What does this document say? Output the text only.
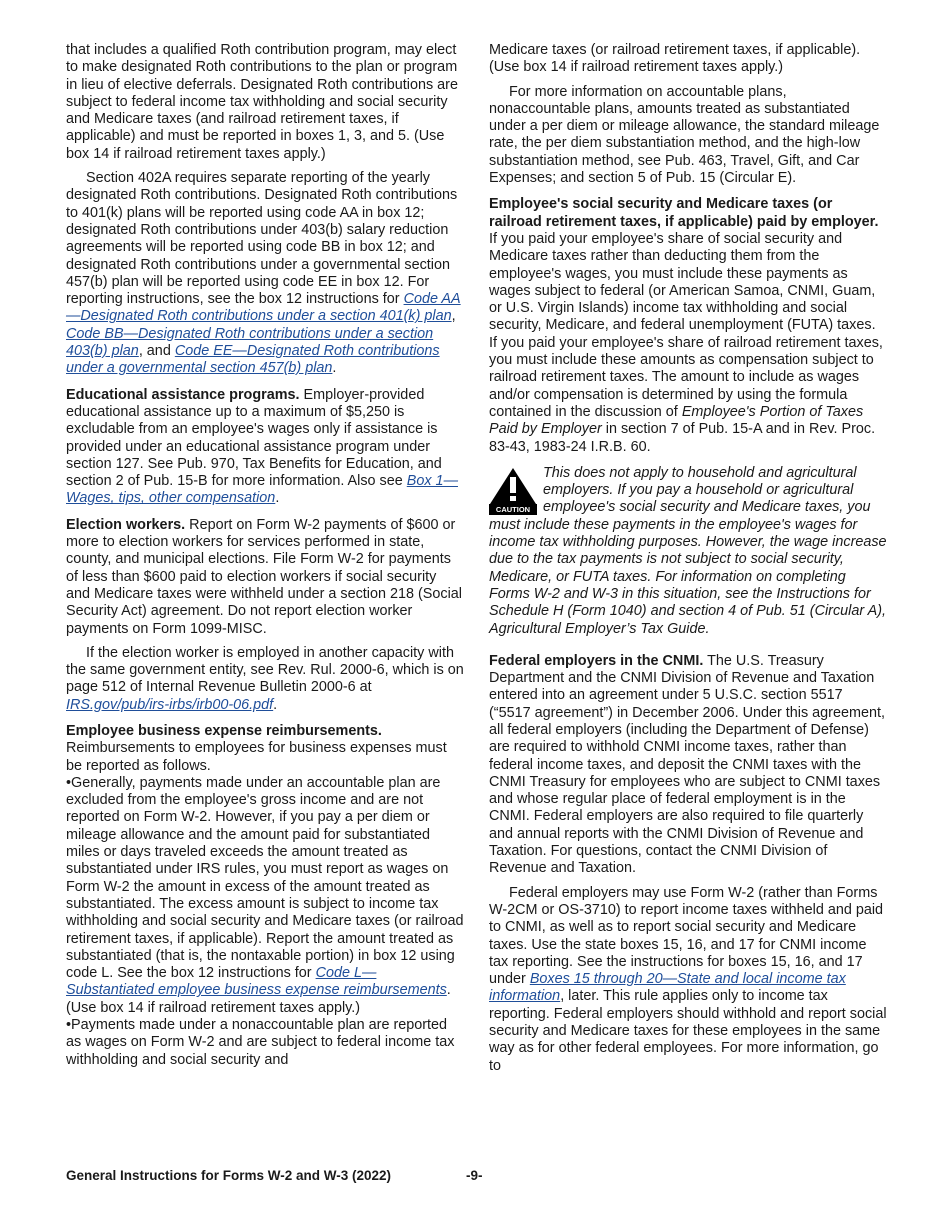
that includes a qualified Roth contribution program, may elect to make designated Roth contributions to the plan or program in lieu of elective deferrals. Designated Roth contributions are subject to federal income tax withholding and social security and Medicare taxes (and railroad retirement taxes, if applicable) and must be reported in boxes 1, 3, and 5. (Use box 14 if railroad retirement taxes apply.)

Section 402A requires separate reporting of the yearly designated Roth contributions. Designated Roth contributions to 401(k) plans will be reported using code AA in box 12; designated Roth contributions under 403(b) salary reduction agreements will be reported using code BB in box 12; and designated Roth contributions under a governmental section 457(b) plan will be reported using code EE in box 12. For reporting instructions, see the box 12 instructions for Code AA—Designated Roth contributions under a section 401(k) plan, Code BB—Designated Roth contributions under a section 403(b) plan, and Code EE—Designated Roth contributions under a governmental section 457(b) plan.

Educational assistance programs. Employer-provided educational assistance up to a maximum of $5,250 is excludable from an employee's wages only if assistance is provided under an educational assistance program under section 127. See Pub. 970, Tax Benefits for Education, and section 2 of Pub. 15-B for more information. Also see Box 1—Wages, tips, other compensation.

Election workers. Report on Form W-2 payments of $600 or more to election workers for services performed in state, county, and municipal elections. File Form W-2 for payments of less than $600 paid to election workers if social security and Medicare taxes were withheld under a section 218 (Social Security Act) agreement. Do not report election worker payments on Form 1099-MISC.

If the election worker is employed in another capacity with the same government entity, see Rev. Rul. 2000-6, which is on page 512 of Internal Revenue Bulletin 2000-6 at IRS.gov/pub/irs-irbs/irb00-06.pdf.

Employee business expense reimbursements.

Reimbursements to employees for business expenses must be reported as follows.

• Generally, payments made under an accountable plan are excluded from the employee's gross income and are not reported on Form W-2. However, if you pay a per diem or mileage allowance and the amount paid for substantiated miles or days traveled exceeds the amount treated as substantiated under IRS rules, you must report as wages on Form W-2 the amount in excess of the amount treated as substantiated. The excess amount is subject to income tax withholding and social security and Medicare taxes (or railroad retirement taxes, if applicable). Report the amount treated as substantiated (that is, the nontaxable portion) in box 12 using code L. See the box 12 instructions for Code L—Substantiated employee business expense reimbursements. (Use box 14 if railroad retirement taxes apply.)

• Payments made under a nonaccountable plan are reported as wages on Form W-2 and are subject to federal income tax withholding and social security and

Medicare taxes (or railroad retirement taxes, if applicable). (Use box 14 if railroad retirement taxes apply.)

For more information on accountable plans, nonaccountable plans, amounts treated as substantiated under a per diem or mileage allowance, the standard mileage rate, the per diem substantiation method, and the high-low substantiation method, see Pub. 463, Travel, Gift, and Car Expenses; and section 5 of Pub. 15 (Circular E).

Employee's social security and Medicare taxes (or railroad retirement taxes, if applicable) paid by employer. If you paid your employee's share of social security and Medicare taxes rather than deducting them from the employee's wages, you must include these payments as wages subject to federal (or American Samoa, CNMI, Guam, or U.S. Virgin Islands) income tax withholding and social security, Medicare, and federal unemployment (FUTA) taxes. If you paid your employee's share of railroad retirement taxes, you must include these amounts as compensation subject to railroad retirement taxes. The amount to include as wages and/or compensation is determined by using the formula contained in the discussion of Employee's Portion of Taxes Paid by Employer in section 7 of Pub. 15-A and in Rev. Proc. 83-43, 1983-24 I.R.B. 60.

CAUTION

This does not apply to household and agricultural employers. If you pay a household or agricultural employee's social security and Medicare taxes, you must include these payments in the employee's wages for income tax withholding purposes. However, the wage increase due to the tax payments is not subject to social security, Medicare, or FUTA taxes. For information on completing Forms W-2 and W-3 in this situation, see the Instructions for Schedule H (Form 1040) and section 4 of Pub. 51 (Circular A), Agricultural Employer’s Tax Guide.

Federal employers in the CNMI. The U.S. Treasury Department and the CNMI Division of Revenue and Taxation entered into an agreement under 5 U.S.C. section 5517 (“5517 agreement”) in December 2006. Under this agreement, all federal employers (including the Department of Defense) are required to withhold CNMI income taxes, rather than federal income taxes, and deposit the CNMI taxes with the CNMI Treasury for employees who are subject to CNMI taxes and whose regular place of federal employment is in the CNMI. Federal employers are also required to file quarterly and annual reports with the CNMI Division of Revenue and Taxation. For questions, contact the CNMI Division of Revenue and Taxation.

Federal employers may use Form W-2 (rather than Forms W-2CM or OS-3710) to report income taxes withheld and paid to CNMI, as well as to report social security and Medicare taxes. Use the state boxes 15, 16, and 17 for CNMI income tax reporting. See the instructions for boxes 15, 16, and 17 under Boxes 15 through 20—State and local income tax information, later. This rule applies only to income tax reporting. Federal employers should withhold and report social security and Medicare taxes for these employees in the same way as for other federal employees. For more information, go to

General Instructions for Forms W-2 and W-3 (2022)	-9-
